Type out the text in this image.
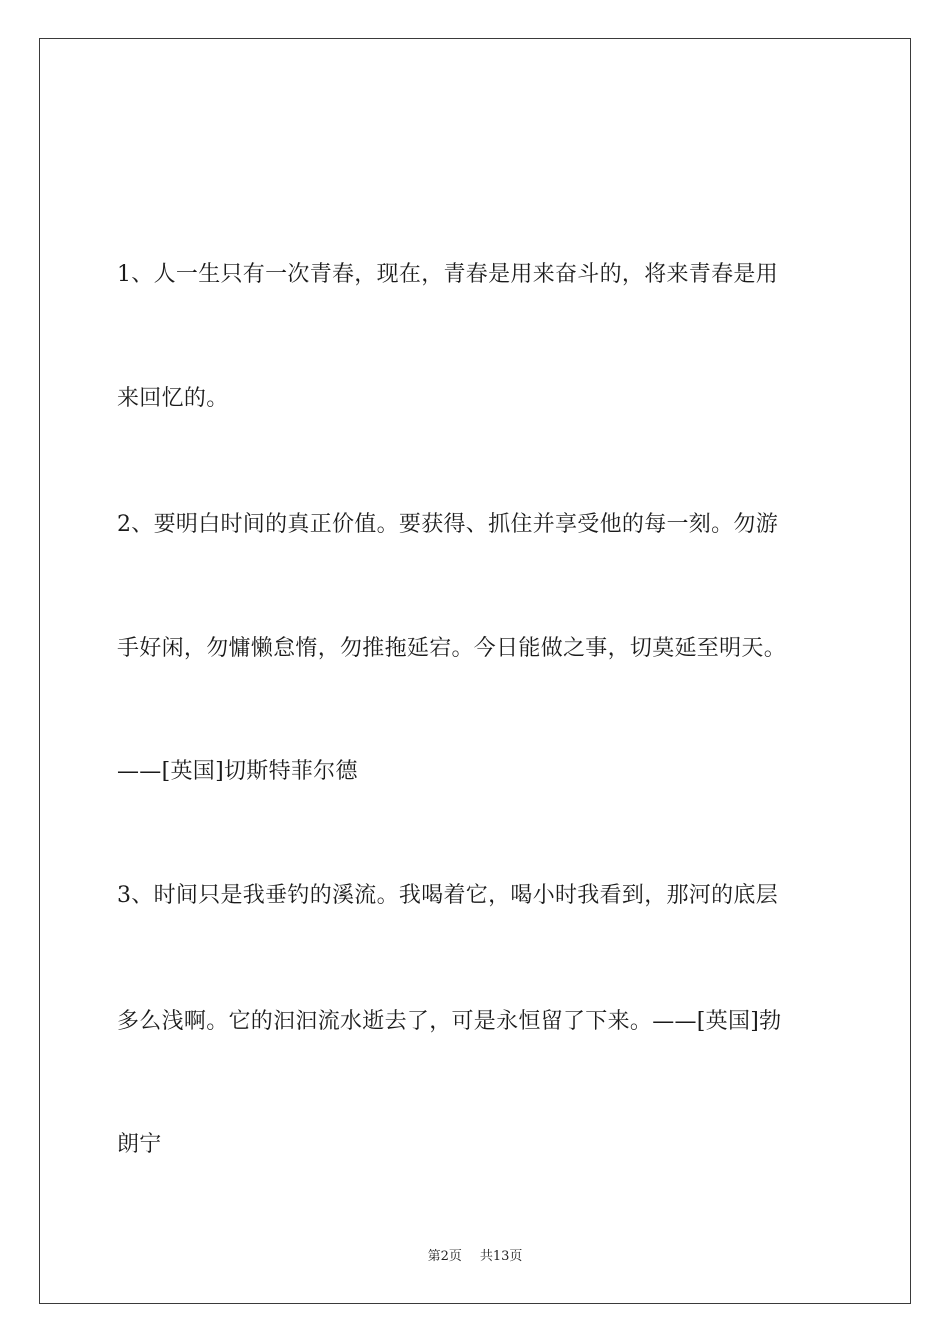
1、人一生只有一次青春，现在，青春是用来奋斗的，将来青春是用
来回忆的。
2、要明白时间的真正价值。要获得、抓住并享受他的每一刻。勿游
手好闲，勿慵懒怠惰，勿推拖延宕。今日能做之事，切莫延至明天。
——[英国]切斯特菲尔德
3、时间只是我垂钓的溪流。我喝着它，喝小时我看到，那河的底层
多么浅啊。它的汩汩流水逝去了，可是永恒留了下来。——[英国]勃
朗宁
第2页 共13页
